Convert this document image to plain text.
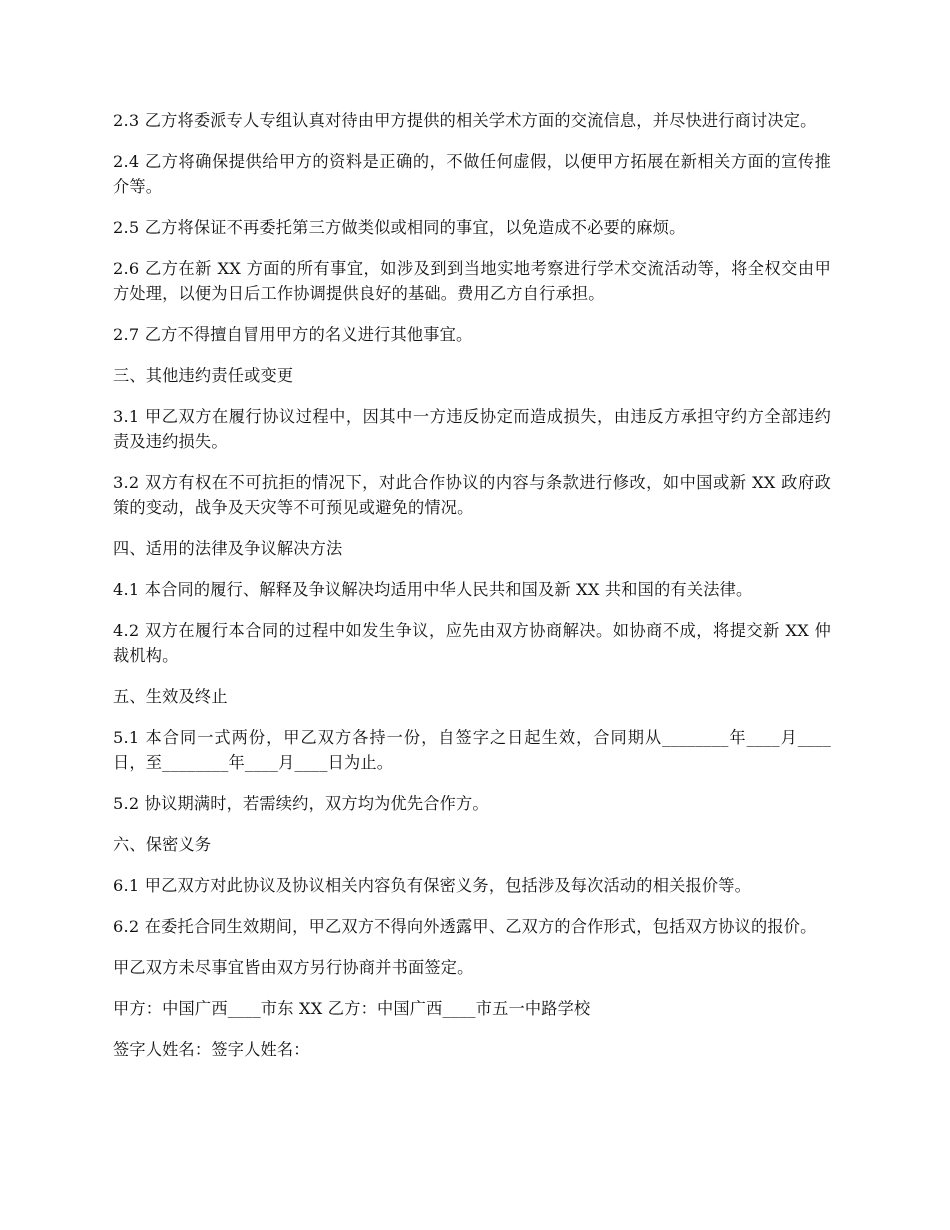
2.3 乙方将委派专人专组认真对待由甲方提供的相关学术方面的交流信息，并尽快进行商讨决定。

2.4 乙方将确保提供给甲方的资料是正确的，不做任何虚假，以便甲方拓展在新相关方面的宣传推介等。

2.5 乙方将保证不再委托第三方做类似或相同的事宜，以免造成不必要的麻烦。

2.6 乙方在新 XX 方面的所有事宜，如涉及到到当地实地考察进行学术交流活动等，将全权交由甲方处理，以便为日后工作协调提供良好的基础。费用乙方自行承担。

2.7 乙方不得擅自冒用甲方的名义进行其他事宜。

三、其他违约责任或变更

3.1 甲乙双方在履行协议过程中，因其中一方违反协定而造成损失，由违反方承担守约方全部违约责及违约损失。

3.2 双方有权在不可抗拒的情况下，对此合作协议的内容与条款进行修改，如中国或新 XX 政府政策的变动，战争及天灾等不可预见或避免的情况。

四、适用的法律及争议解决方法

4.1 本合同的履行、解释及争议解决均适用中华人民共和国及新 XX 共和国的有关法律。

4.2 双方在履行本合同的过程中如发生争议，应先由双方协商解决。如协商不成，将提交新 XX 仲裁机构。

五、生效及终止

5.1 本合同一式两份，甲乙双方各持一份，自签字之日起生效，合同期从________年____月____日，至________年____月____日为止。

5.2 协议期满时，若需续约，双方均为优先合作方。

六、保密义务

6.1 甲乙双方对此协议及协议相关内容负有保密义务，包括涉及每次活动的相关报价等。

6.2 在委托合同生效期间，甲乙双方不得向外透露甲、乙双方的合作形式，包括双方协议的报价。

甲乙双方未尽事宜皆由双方另行协商并书面签定。

甲方：中国广西____市东 XX 乙方：中国广西____市五一中路学校

签字人姓名：签字人姓名：
